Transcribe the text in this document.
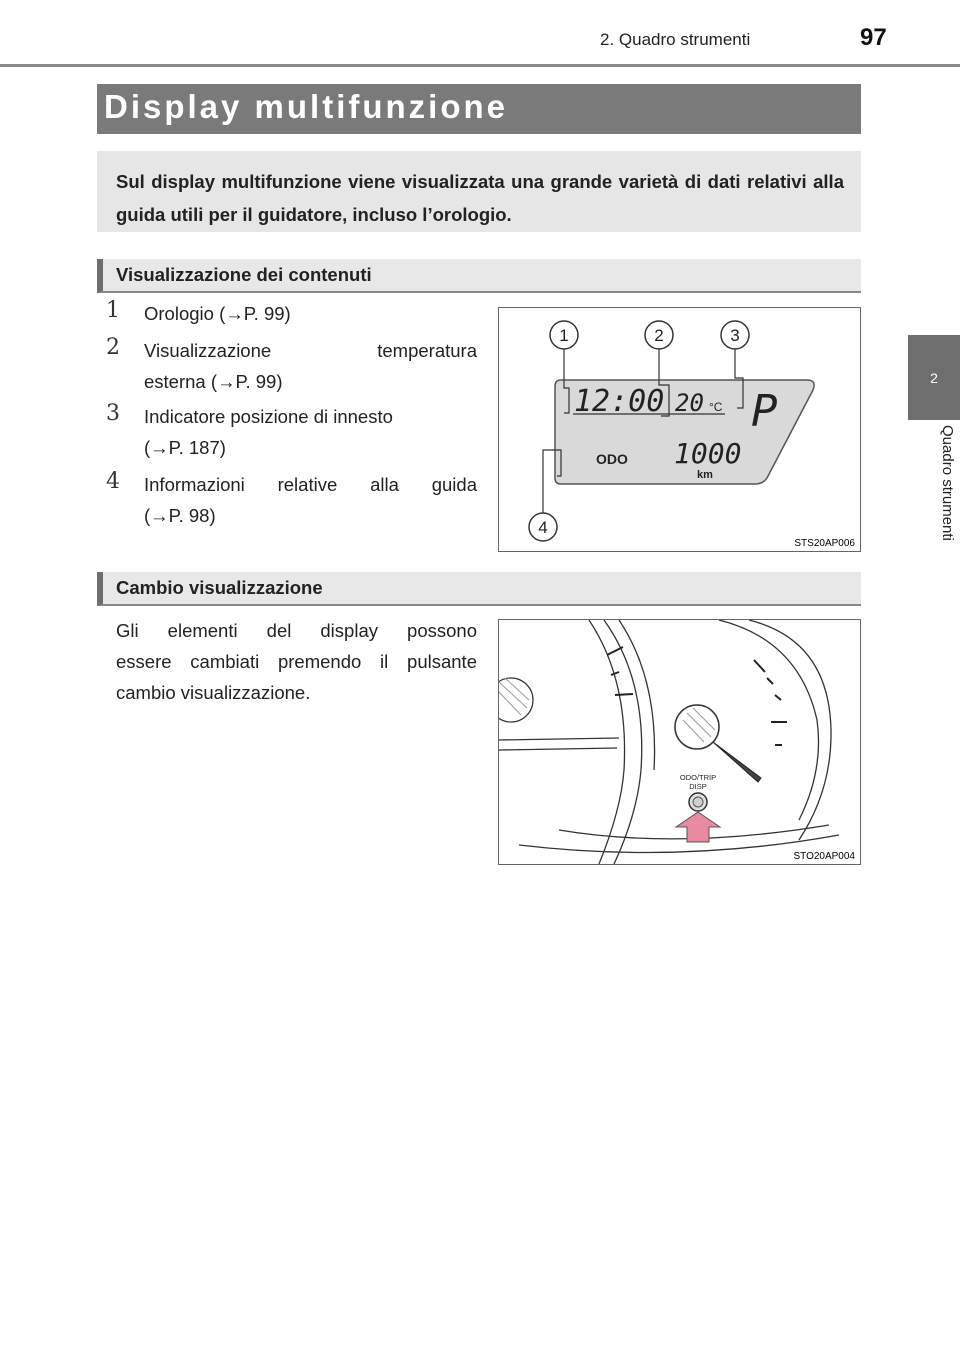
2. Quadro strumenti	97
2
Quadro strumenti
Display multifunzione
Sul display multifunzione viene visualizzata una grande varietà di dati relativi alla guida utili per il guidatore, incluso l’orologio.
Visualizzazione dei contenuti
1	Orologio (→P. 99)
2	Visualizzazione temperatura
esterna (→P. 99)
3	Indicatore posizione di innesto
(→P. 187)
4	Informazioni relative alla guida
(→P. 98)
1	2	3
4
12:00 20 °C P
ODO 1000
km
STS20AP006
Cambio visualizzazione
Gli elementi del display possono
essere cambiati premendo il pulsante
cambio visualizzazione.
ODO/TRIP
DISP
STO20AP004
